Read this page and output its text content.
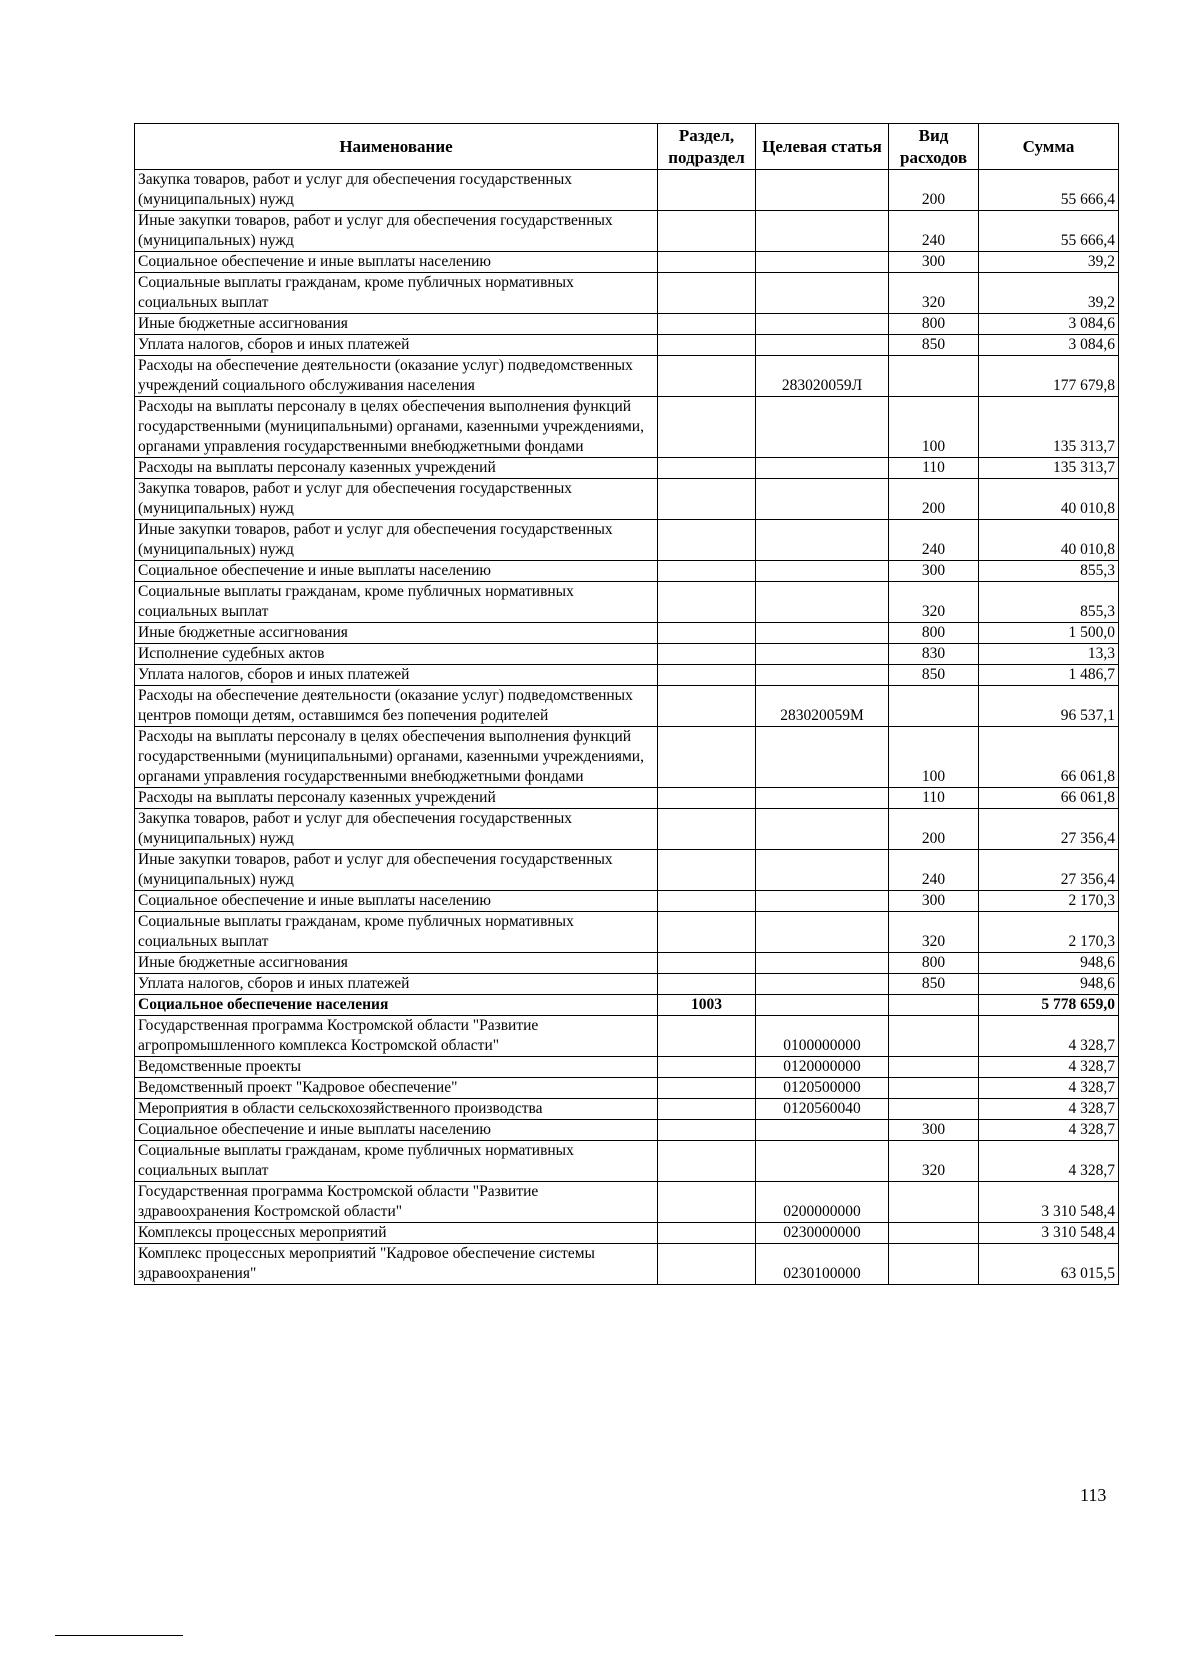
Наименование	Раздел, подраздел	Целевая статья	Вид расходов	Сумма
Закупка товаров, работ и услуг для обеспечения государственных (муниципальных) нужд			200	55 666,4
Иные закупки товаров, работ и услуг для обеспечения государственных (муниципальных) нужд			240	55 666,4
Социальное обеспечение и иные выплаты населению			300	39,2
Социальные выплаты гражданам, кроме публичных нормативных социальных выплат			320	39,2
Иные бюджетные ассигнования			800	3 084,6
Уплата налогов, сборов и иных платежей			850	3 084,6
Расходы на обеспечение деятельности (оказание услуг) подведомственных учреждений социального обслуживания населения		283020059Л		177 679,8
Расходы на выплаты персоналу в целях обеспечения выполнения функций государственными (муниципальными) органами, казенными учреждениями, органами управления государственными внебюджетными фондами			100	135 313,7
Расходы на выплаты персоналу казенных учреждений			110	135 313,7
Закупка товаров, работ и услуг для обеспечения государственных (муниципальных) нужд			200	40 010,8
Иные закупки товаров, работ и услуг для обеспечения государственных (муниципальных) нужд			240	40 010,8
Социальное обеспечение и иные выплаты населению			300	855,3
Социальные выплаты гражданам, кроме публичных нормативных социальных выплат			320	855,3
Иные бюджетные ассигнования			800	1 500,0
Исполнение судебных актов			830	13,3
Уплата налогов, сборов и иных платежей			850	1 486,7
Расходы на обеспечение деятельности (оказание услуг) подведомственных центров помощи детям, оставшимся без попечения родителей		283020059М		96 537,1
Расходы на выплаты персоналу в целях обеспечения выполнения функций государственными (муниципальными) органами, казенными учреждениями, органами управления государственными внебюджетными фондами			100	66 061,8
Расходы на выплаты персоналу казенных учреждений			110	66 061,8
Закупка товаров, работ и услуг для обеспечения государственных (муниципальных) нужд			200	27 356,4
Иные закупки товаров, работ и услуг для обеспечения государственных (муниципальных) нужд			240	27 356,4
Социальное обеспечение и иные выплаты населению			300	2 170,3
Социальные выплаты гражданам, кроме публичных нормативных социальных выплат			320	2 170,3
Иные бюджетные ассигнования			800	948,6
Уплата налогов, сборов и иных платежей			850	948,6
Социальное обеспечение населения	1003			5 778 659,0
Государственная программа Костромской области "Развитие агропромышленного комплекса Костромской области"		0100000000		4 328,7
Ведомственные проекты		0120000000		4 328,7
Ведомственный проект "Кадровое обеспечение"		0120500000		4 328,7
Мероприятия в области сельскохозяйственного производства		0120560040		4 328,7
Социальное обеспечение и иные выплаты населению			300	4 328,7
Социальные выплаты гражданам, кроме публичных нормативных социальных выплат			320	4 328,7
Государственная программа Костромской области "Развитие здравоохранения Костромской области"		0200000000		3 310 548,4
Комплексы процессных мероприятий		0230000000		3 310 548,4
Комплекс процессных мероприятий "Кадровое обеспечение системы здравоохранения"		0230100000		63 015,5
113
